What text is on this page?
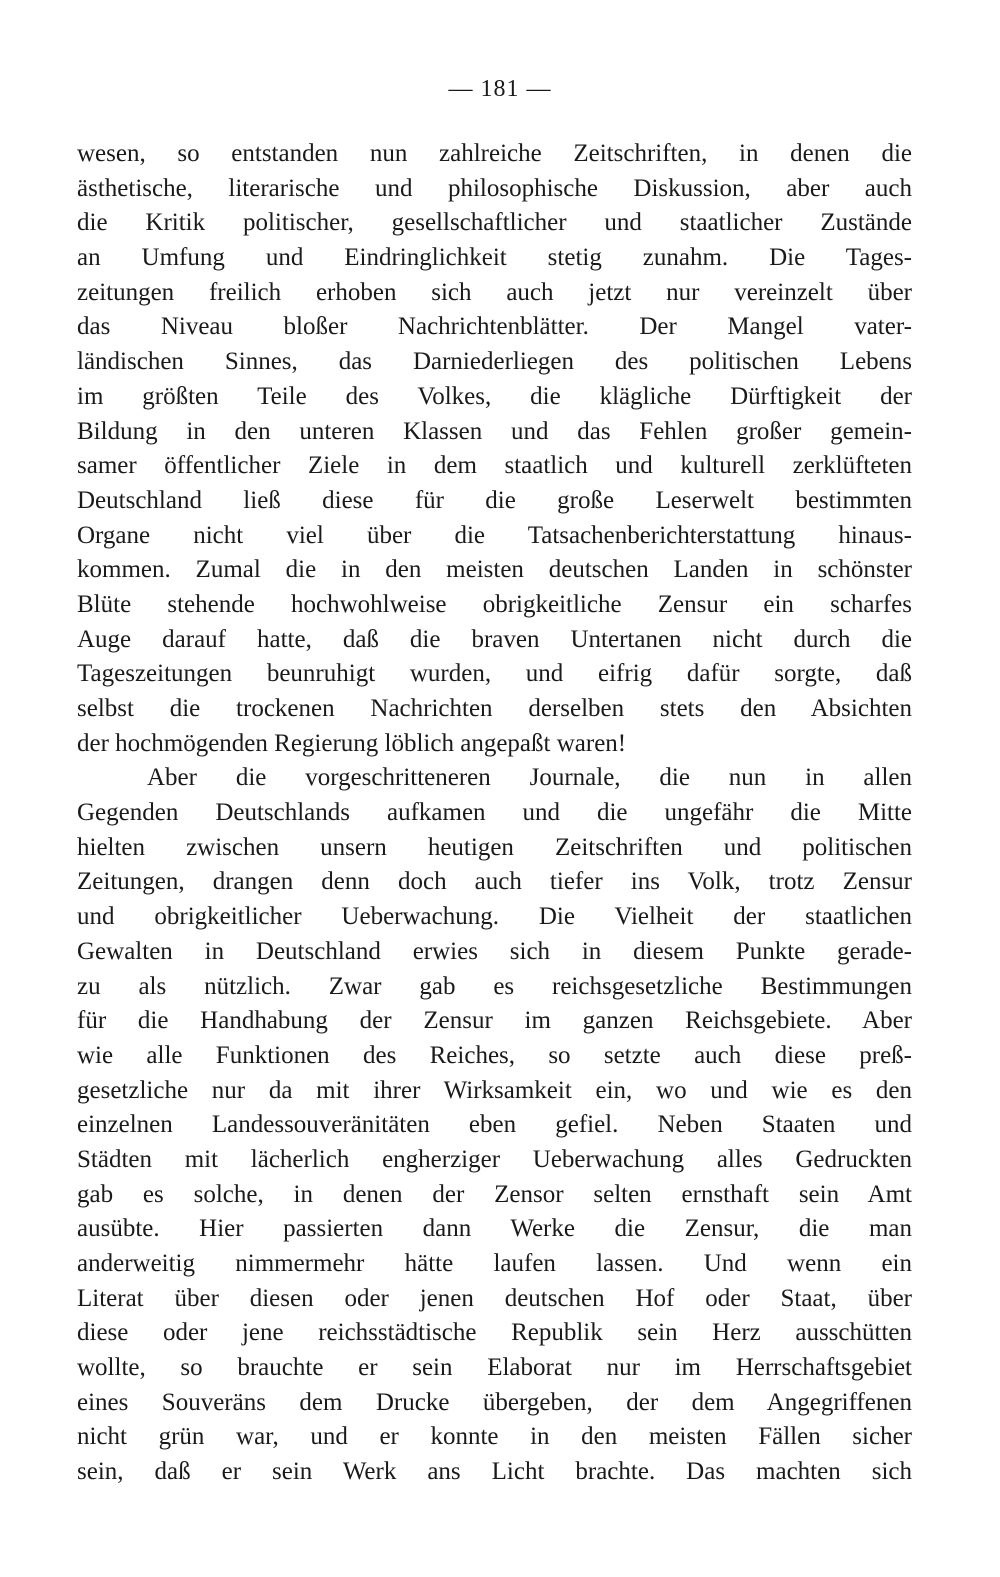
— 181 —
wesen, so entstanden nun zahlreiche Zeitschriften, in denen die
ästhetische, literarische und philosophische Diskussion, aber auch
die Kritik politischer, gesellschaftlicher und staatlicher Zustände
an Umfung und Eindringlichkeit stetig zunahm. Die Tages-
zeitungen freilich erhoben sich auch jetzt nur vereinzelt über
das Niveau bloßer Nachrichtenblätter. Der Mangel vater-
ländischen Sinnes, das Darniederliegen des politischen Lebens
im größten Teile des Volkes, die klägliche Dürftigkeit der
Bildung in den unteren Klassen und das Fehlen großer gemein-
samer öffentlicher Ziele in dem staatlich und kulturell zerklüfteten
Deutschland ließ diese für die große Leserwelt bestimmten
Organe nicht viel über die Tatsachenberichterstattung hinaus-
kommen. Zumal die in den meisten deutschen Landen in schönster
Blüte stehende hochwohlweise obrigkeitliche Zensur ein scharfes
Auge darauf hatte, daß die braven Untertanen nicht durch die
Tageszeitungen beunruhigt wurden, und eifrig dafür sorgte, daß
selbst die trockenen Nachrichten derselben stets den Absichten
der hochmögenden Regierung löblich angepaßt waren!
Aber die vorgeschritteneren Journale, die nun in allen
Gegenden Deutschlands aufkamen und die ungefähr die Mitte
hielten zwischen unsern heutigen Zeitschriften und politischen
Zeitungen, drangen denn doch auch tiefer ins Volk, trotz Zensur
und obrigkeitlicher Ueberwachung. Die Vielheit der staatlichen
Gewalten in Deutschland erwies sich in diesem Punkte gerade-
zu als nützlich. Zwar gab es reichsgesetzliche Bestimmungen
für die Handhabung der Zensur im ganzen Reichsgebiete. Aber
wie alle Funktionen des Reiches, so setzte auch diese preß-
gesetzliche nur da mit ihrer Wirksamkeit ein, wo und wie es den
einzelnen Landessouveränitäten eben gefiel. Neben Staaten und
Städten mit lächerlich engherziger Ueberwachung alles Gedruckten
gab es solche, in denen der Zensor selten ernsthaft sein Amt
ausübte. Hier passierten dann Werke die Zensur, die man
anderweitig nimmermehr hätte laufen lassen. Und wenn ein
Literat über diesen oder jenen deutschen Hof oder Staat, über
diese oder jene reichsstädtische Republik sein Herz ausschütten
wollte, so brauchte er sein Elaborat nur im Herrschaftsgebiet
eines Souveräns dem Drucke übergeben, der dem Angegriffenen
nicht grün war, und er konnte in den meisten Fällen sicher
sein, daß er sein Werk ans Licht brachte. Das machten sich
